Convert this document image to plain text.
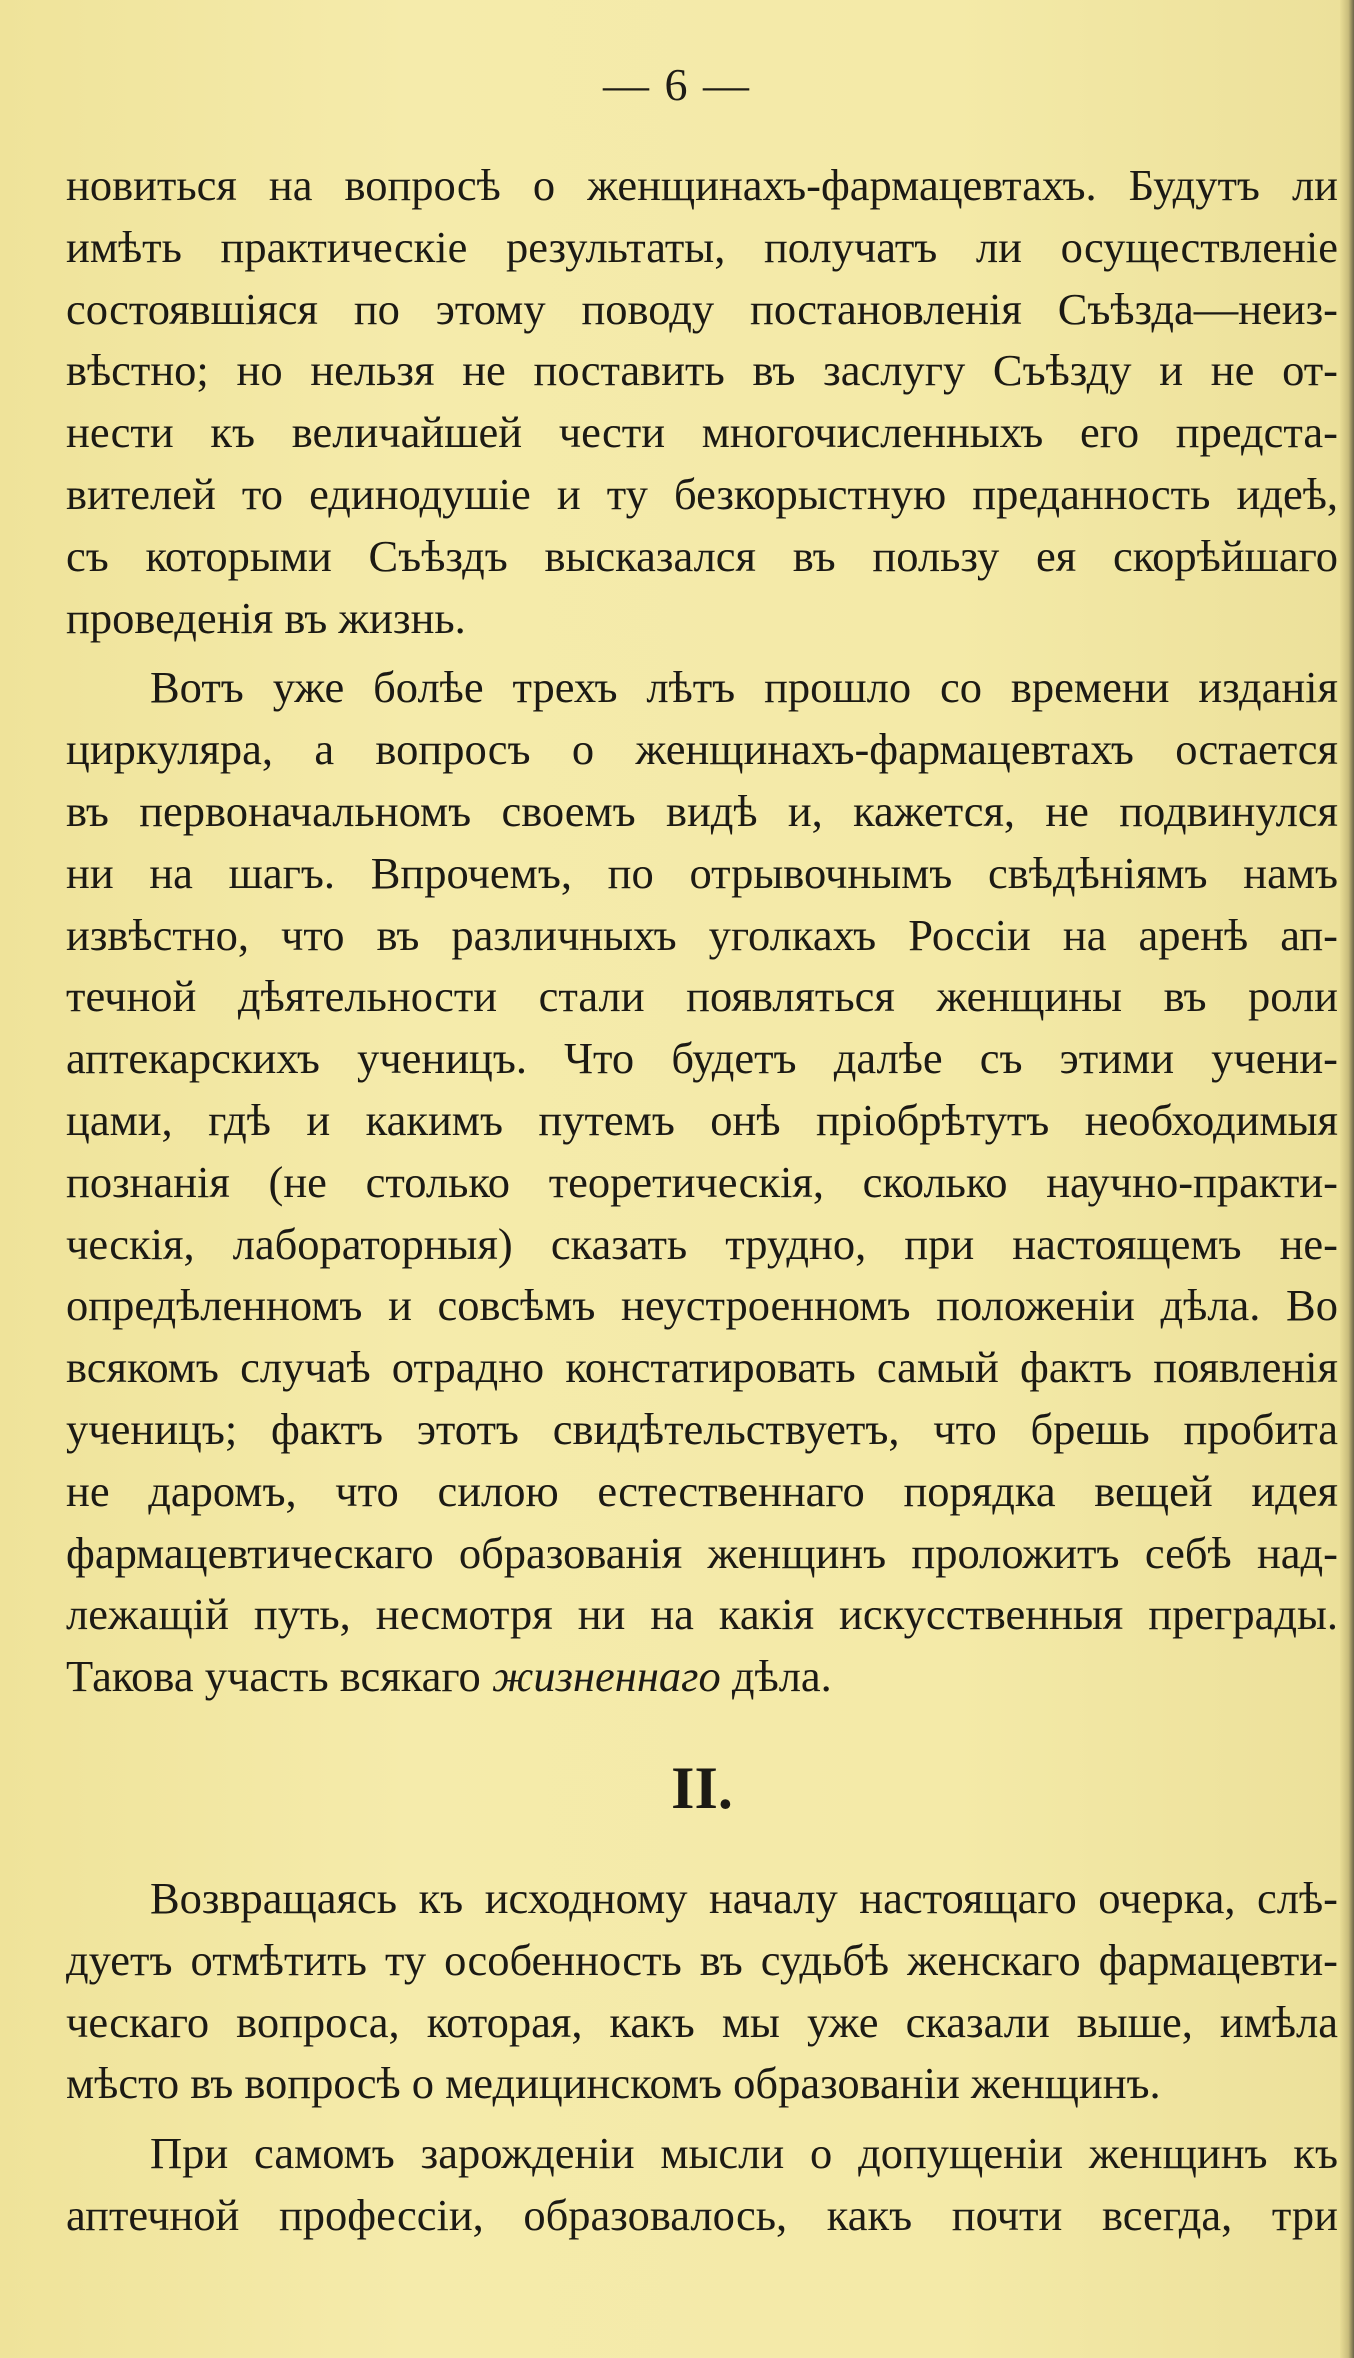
— 6 —
новиться на вопросѣ о женщинахъ-фармацевтахъ. Будутъ ли
имѣть практическіе результаты, получатъ ли осуществленіе
состоявшіяся по этому поводу постановленія Съѣзда—неиз-
вѣстно; но нельзя не поставить въ заслугу Съѣзду и не от-
нести къ величайшей чести многочисленныхъ его предста-
вителей то единодушіе и ту безкорыстную преданность идеѣ,
съ которыми Съѣздъ высказался въ пользу ея скорѣйшаго
проведенія въ жизнь.
Вотъ уже болѣе трехъ лѣтъ прошло со времени изданія
циркуляра, а вопросъ о женщинахъ-фармацевтахъ остается
въ первоначальномъ своемъ видѣ и, кажется, не подвинулся
ни на шагъ. Впрочемъ, по отрывочнымъ свѣдѣніямъ намъ
извѣстно, что въ различныхъ уголкахъ Россіи на аренѣ ап-
течной дѣятельности стали появляться женщины въ роли
аптекарскихъ ученицъ. Что будетъ далѣе съ этими учени-
цами, гдѣ и какимъ путемъ онѣ пріобрѣтутъ необходимыя
познанія (не столько теоретическія, сколько научно-практи-
ческія, лабораторныя) сказать трудно, при настоящемъ не-
опредѣленномъ и совсѣмъ неустроенномъ положеніи дѣла. Во
всякомъ случаѣ отрадно констатировать самый фактъ появленія
ученицъ; фактъ этотъ свидѣтельствуетъ, что брешь пробита
не даромъ, что силою естественнаго порядка вещей идея
фармацевтическаго образованія женщинъ проложитъ себѣ над-
лежащій путь, несмотря ни на какія искусственныя преграды.
Такова участь всякаго жизненнаго дѣла.
II.
Возвращаясь къ исходному началу настоящаго очерка, слѣ-
дуетъ отмѣтить ту особенность въ судьбѣ женскаго фармацевти-
ческаго вопроса, которая, какъ мы уже сказали выше, имѣла
мѣсто въ вопросѣ о медицинскомъ образованіи женщинъ.
При самомъ зарожденіи мысли о допущеніи женщинъ къ
аптечной профессіи, образовалось, какъ почти всегда, три
